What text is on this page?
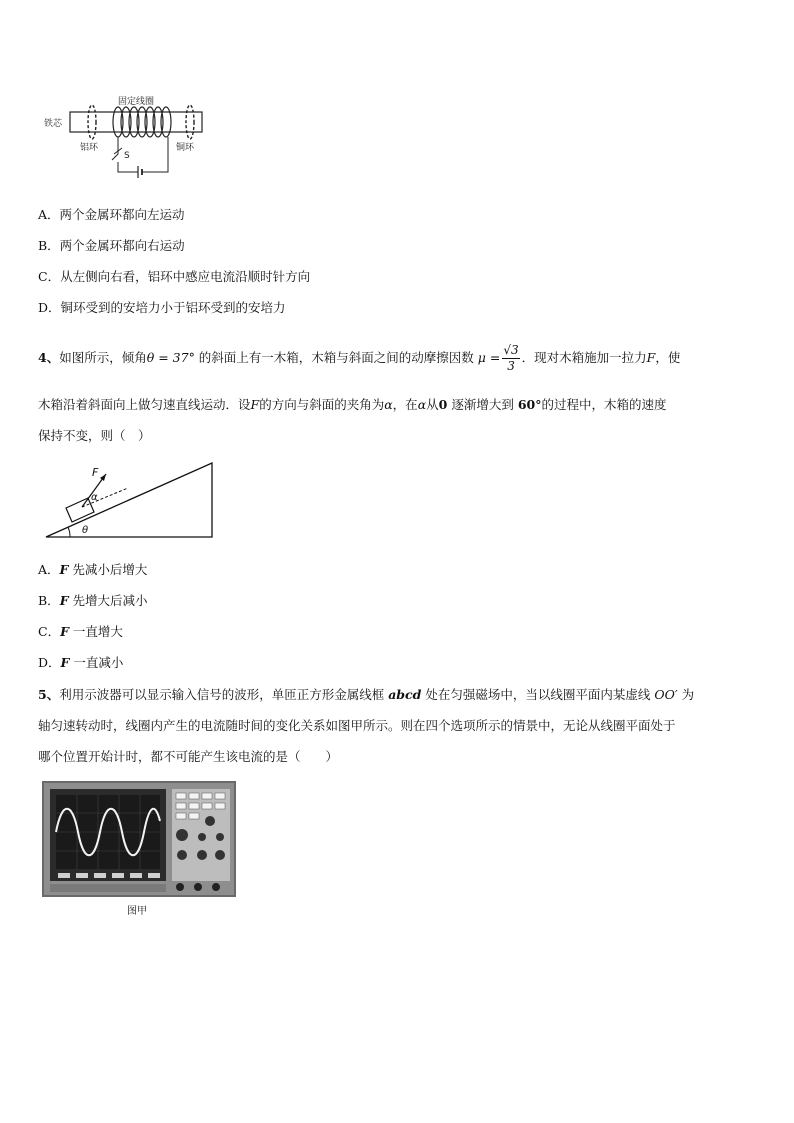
固定线圈
铁芯
铝环	铜环
S
A．两个金属环都向左运动
B．两个金属环都向右运动
C．从左侧向右看，铝环中感应电流沿顺时针方向
D．铜环受到的安培力小于铝环受到的安培力
4、如图所示，倾角θ = 37° 的斜面上有一木箱，木箱与斜面之间的动摩擦因数 $\mu = \frac{√3}{3}$ ．现对木箱施加一拉力F，使
木箱沿着斜面向上做匀速直线运动．设F的方向与斜面的夹角为α，在α从0 逐渐增大到 60°的过程中，木箱的速度
保持不变，则（　）
F
α
θ
A．F 先减小后增大
B．F 先增大后减小
C．F 一直增大
D．F 一直减小
5、利用示波器可以显示输入信号的波形，单匝正方形金属线框 abcd 处在匀强磁场中，当以线圈平面内某虚线 OO′ 为
轴匀速转动时，线圈内产生的电流随时间的变化关系如图甲所示。则在四个选项所示的情景中，无论从线圈平面处于
哪个位置开始计时，都不可能产生该电流的是（　　）
图甲
